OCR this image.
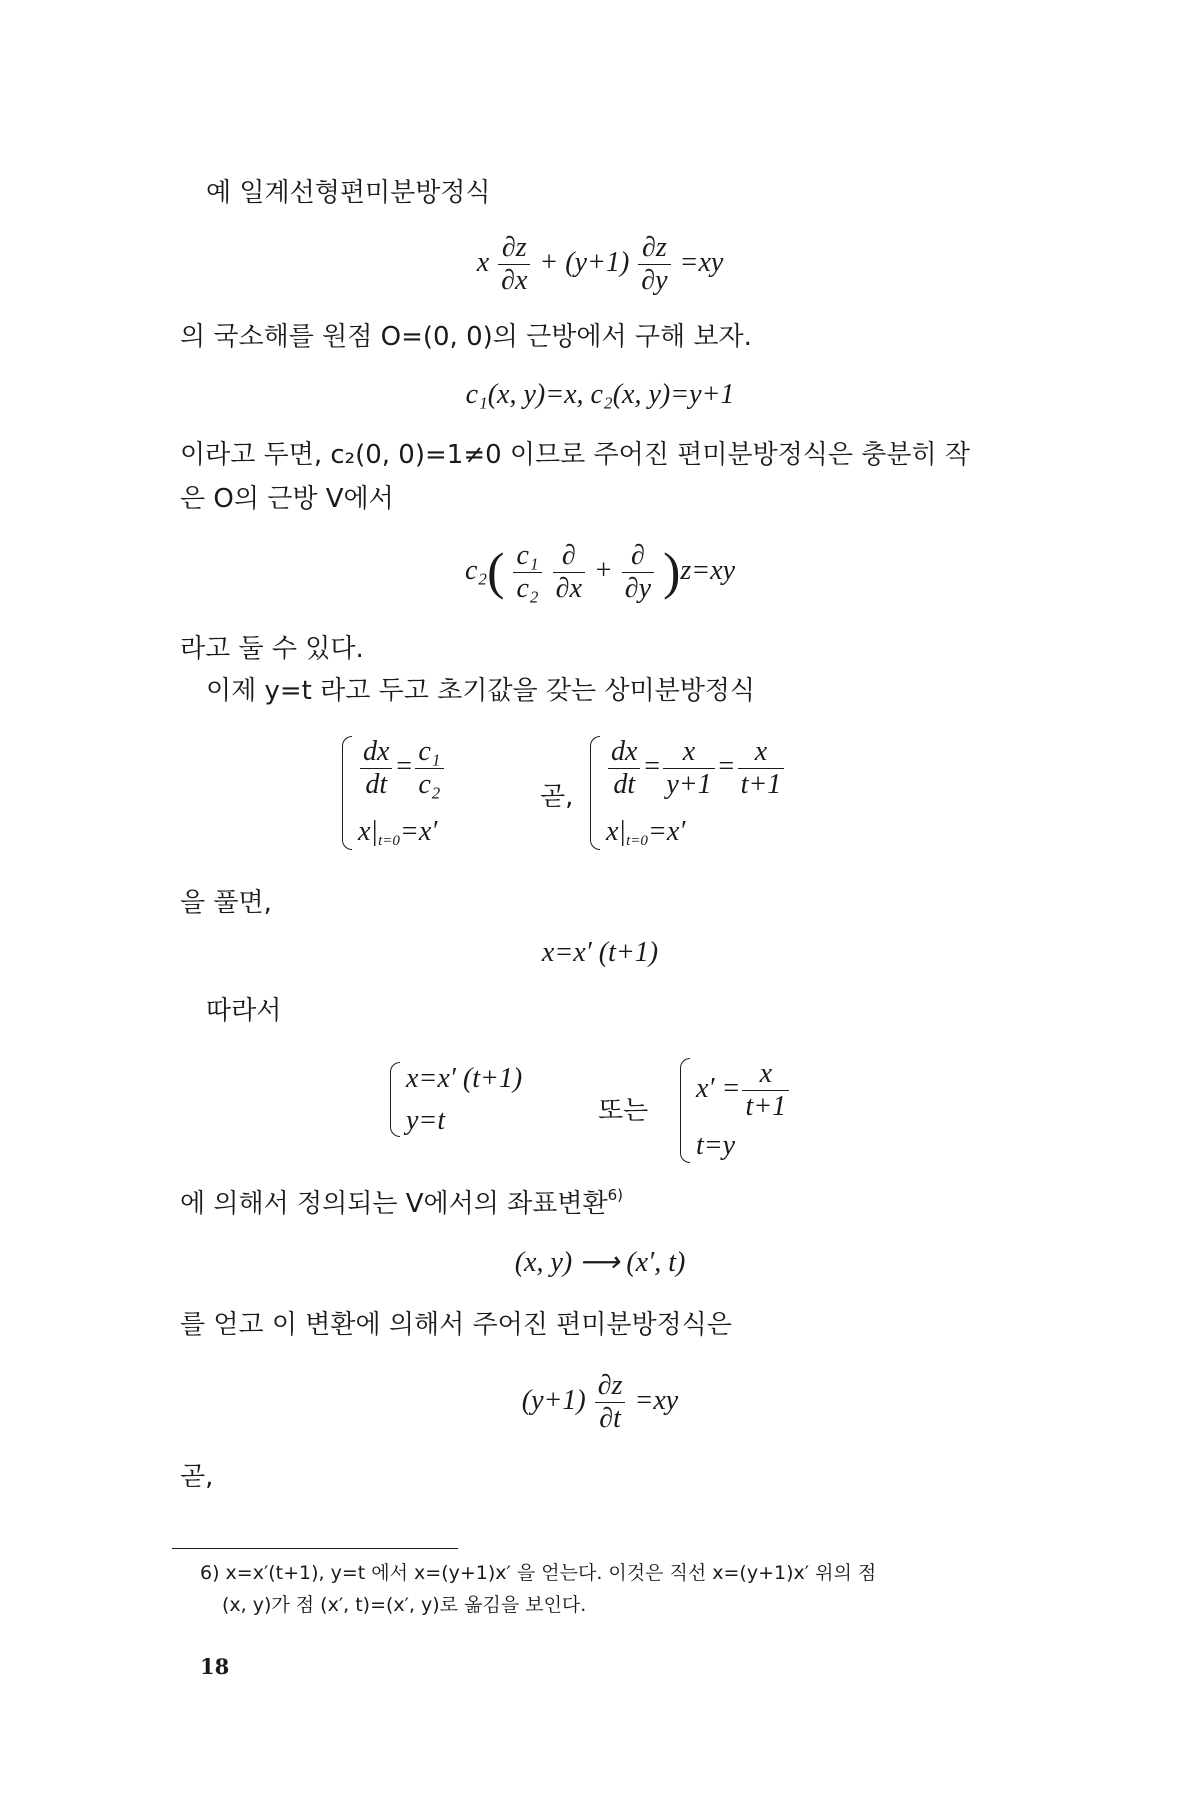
예 일계선형편미분방정식
x $\frac{\partial z}{\partial x} + (y+1) \frac{\partial z}{\partial y} =xy$
의 국소해를 원점 O=(0, 0)의 근방에서 구해 보자.
c₁(x, y)=x, c₂(x, y)=y+1
이라고 두면, c₂(0, 0)=1≠0 이므로 주어진 편미분방정식은 충분히 작
은 O의 근방 V에서
$c_2( \frac{\text{c₁}}{\text{c₂}}$
$\frac{\partial}{\partial x} + \frac{\partial}{\partial y} )z=xy$
라고 둘 수 있다.
이제 y=t 라고 두고 초기값을 갖는 상미분방정식
$\frac{dx}{dt} = \frac{\text{c₁}}{\text{c₂}}$
$x|_{t=0}=x'$
곧, $\frac{dx}{dt} = \frac{x}{y+1} = \frac{x}{t+1}$
$x|_{t=0}=x'$
을 풀면,
x=x′ (t+1)
따라서
x=x′ (t+1)
y=t	또는
$x' = \frac{x}{t+1}$
t=y
에 의해서 정의되는 V에서의 좌표변환$^{6)}$
(x, y) ⟶ (x′, t)
를 얻고 이 변환에 의해서 주어진 편미분방정식은
$(y+1) \frac{\partial z}{\partial t} =xy$
곧,
6) x=x′(t+1), y=t 에서 x=(y+1)x′ 을 얻는다. 이것은 직선 x=(y+1)x′ 위의 점
(x, y)가 점 (x′, t)=(x′, y)로 옮김을 보인다.
18
